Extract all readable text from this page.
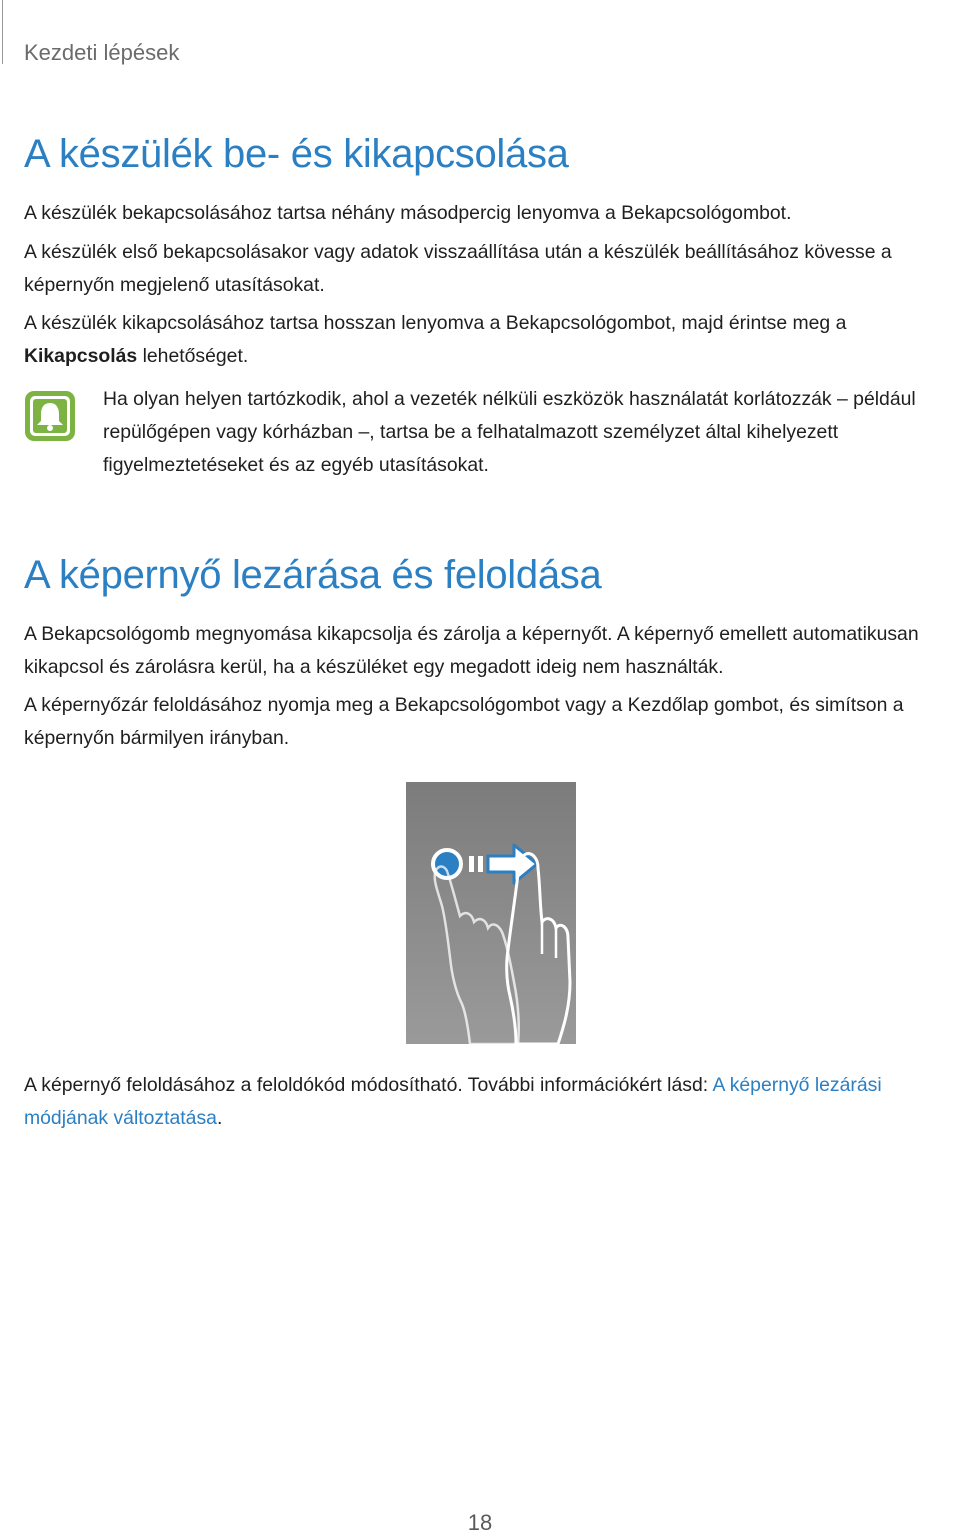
Kezdeti lépések
A készülék be- és kikapcsolása

A készülék bekapcsolásához tartsa néhány másodpercig lenyomva a Bekapcsológombot.

A készülék első bekapcsolásakor vagy adatok visszaállítása után a készülék beállításához kövesse a képernyőn megjelenő utasításokat.

A készülék kikapcsolásához tartsa hosszan lenyomva a Bekapcsológombot, majd érintse meg a Kikapcsolás lehetőséget.

Ha olyan helyen tartózkodik, ahol a vezeték nélküli eszközök használatát korlátozzák – például repülőgépen vagy kórházban –, tartsa be a felhatalmazott személyzet által kihelyezett figyelmeztetéseket és az egyéb utasításokat.

A képernyő lezárása és feloldása

A Bekapcsológomb megnyomása kikapcsolja és zárolja a képernyőt. A képernyő emellett automatikusan kikapcsol és zárolásra kerül, ha a készüléket egy megadott ideig nem használták.

A képernyőzár feloldásához nyomja meg a Bekapcsológombot vagy a Kezdőlap gombot, és simítson a képernyőn bármilyen irányban.

A képernyő feloldásához a feloldókód módosítható. További információkért lásd: A képernyő lezárási módjának változtatása.

18
